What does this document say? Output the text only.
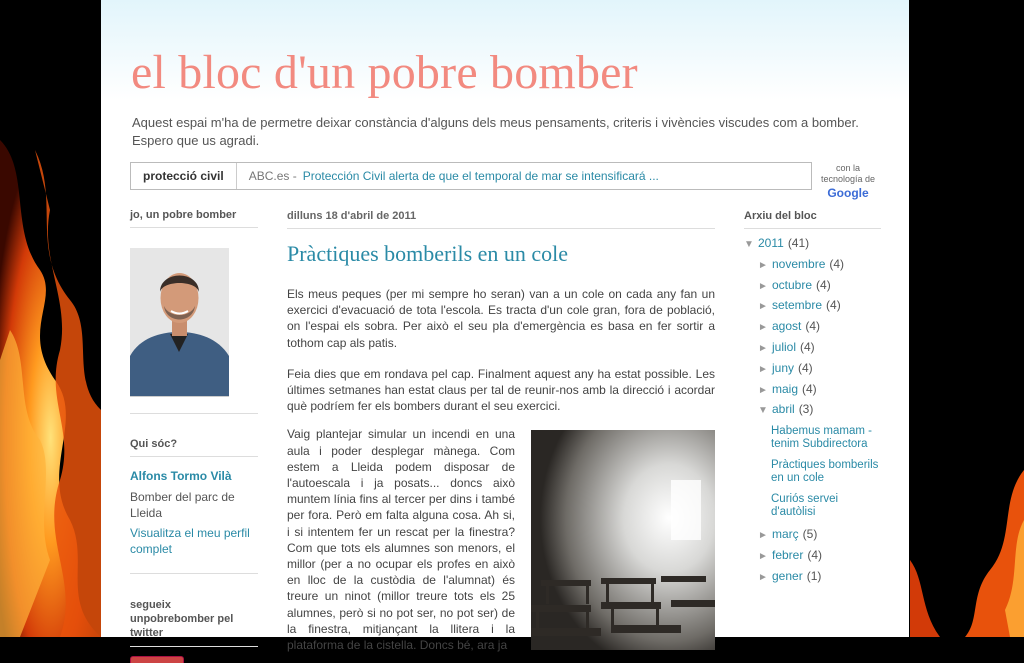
el bloc d'un pobre bomber

Aquest espai m'ha de permetre deixar constància d'alguns dels meus pensaments, criteris i vivències viscudes com a bomber. Espero que us agradi.

protecció civil	ABC.es - Protección Civil alerta de que el temporal de mar se intensificará ...
con la
tecnología de
Google
jo, un pobre bomber
Qui sóc?
Alfons Tormo Vilà
Bomber del parc de Lleida
Visualitza el meu perfil complet
segueix unpobrebomber pel twitter
dilluns 18 d'abril de 2011
Pràctiques bomberils en un cole

Els meus peques (per mi sempre ho seran) van a un cole on cada any fan un exercici d'evacuació de tota l'escola. Es tracta d'un cole gran, fora de població, on l'espai els sobra. Per això el seu pla d'emergència es basa en fer sortir a tothom cap als patis.

Feia dies que em rondava pel cap. Finalment aquest any ha estat possible. Les últimes setmanes han estat claus per tal de reunir-nos amb la direcció i acordar què podríem fer els bombers durant el seu exercici.

Vaig plantejar simular un incendi en una aula i poder desplegar mànega. Com estem a Lleida podem disposar de l'autoescala i ja posats... doncs això muntem línia fins al tercer per dins i també per fora. Però em falta alguna cosa. Ah si, i si intentem fer un rescat per la finestra? Com que tots els alumnes son menors, el millor (per a no ocupar els profes en això en lloc de la custòdia de l'alumnat) és treure un ninot (millor treure tots els 25 alumnes, però si no pot ser, no pot ser) de la finestra, mitjançant la llitera i la plataforma de la cistella. Doncs bé, ara ja

Arxiu del bloc
▼ 2011 (41)
► novembre (4)
► octubre (4)
► setembre (4)
► agost (4)
► juliol (4)
► juny (4)
► maig (4)
▼ abril (3)
Habemus mamam - tenim Subdirectora
Pràctiques bomberils en un cole
Curiós servei d'autòlisi
► març (5)
► febrer (4)
► gener (1)
